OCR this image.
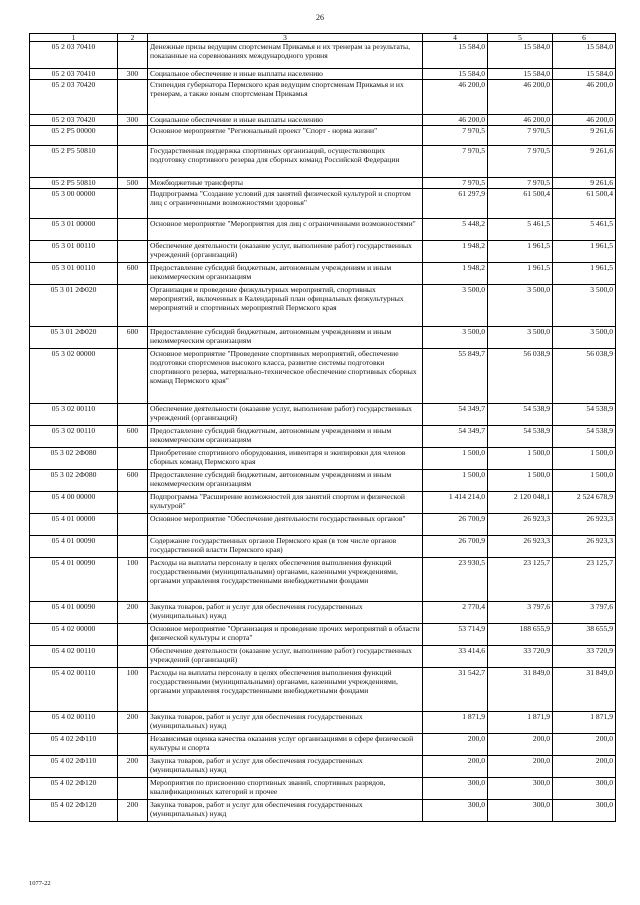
26
1	2	3	4	5	6
05 2 03 70410		Денежные призы ведущим спортсменам Прикамья и их тренерам за результаты, показанные на соревнованиях международного уровня	15 584,0	15 584,0	15 584,0
05 2 03 70410	300	Социальное обеспечение и иные выплаты населению	15 584,0	15 584,0	15 584,0
05 2 03 70420		Стипендия губернатора Пермского края ведущим спортсменам Прикамья и их тренерам, а также юным спортсменам Прикамья	46 200,0	46 200,0	46 200,0
05 2 03 70420	300	Социальное обеспечение и иные выплаты населению	46 200,0	46 200,0	46 200,0
05 2 P5 00000		Основное мероприятие "Региональный проект "Спорт - норма жизни"	7 970,5	7 970,5	9 261,6
05 2 P5 50810		Государственная поддержка спортивных организаций, осуществляющих подготовку спортивного резерва для сборных команд Российской Федерации	7 970,5	7 970,5	9 261,6
05 2 P5 50810	500	Межбюджетные трансферты	7 970,5	7 970,5	9 261,6
05 3 00 00000		Подпрограмма "Создание условий для занятий физической культурой и спортом лиц с ограниченными возможностями здоровья"	61 297,9	61 500,4	61 500,4
05 3 01 00000		Основное мероприятие "Мероприятия для лиц с ограниченными возможностями"	5 448,2	5 461,5	5 461,5
05 3 01 00110		Обеспечение деятельности (оказание услуг, выполнение работ) государственных учреждений (организаций)	1 948,2	1 961,5	1 961,5
05 3 01 00110	600	Предоставление субсидий бюджетным, автономным учреждениям и иным некоммерческим организациям	1 948,2	1 961,5	1 961,5
05 3 01 2Ф020		Организация и проведение физкультурных мероприятий, спортивных мероприятий, включенных в Календарный план официальных физкультурных мероприятий и спортивных мероприятий Пермского края	3 500,0	3 500,0	3 500,0
05 3 01 2Ф020	600	Предоставление субсидий бюджетным, автономным учреждениям и иным некоммерческим организациям	3 500,0	3 500,0	3 500,0
05 3 02 00000		Основное мероприятие "Проведение спортивных мероприятий, обеспечение подготовки спортсменов высокого класса, развитие системы подготовки спортивного резерва, материально-техническое обеспечение спортивных сборных команд Пермского края"	55 849,7	56 038,9	56 038,9
05 3 02 00110		Обеспечение деятельности (оказание услуг, выполнение работ) государственных учреждений (организаций)	54 349,7	54 538,9	54 538,9
05 3 02 00110	600	Предоставление субсидий бюджетным, автономным учреждениям и иным некоммерческим организациям	54 349,7	54 538,9	54 538,9
05 3 02 2Ф080		Приобретение спортивного оборудования, инвентаря и экипировки для членов сборных команд Пермского края	1 500,0	1 500,0	1 500,0
05 3 02 2Ф080	600	Предоставление субсидий бюджетным, автономным учреждениям и иным некоммерческим организациям	1 500,0	1 500,0	1 500,0
05 4 00 00000		Подпрограмма "Расширение возможностей для занятий спортом и физической культурой"	1 414 214,0	2 120 048,1	2 524 678,9
05 4 01 00000		Основное мероприятие "Обеспечение деятельности государственных органов"	26 700,9	26 923,3	26 923,3
05 4 01 00090		Содержание государственных органов Пермского края (в том числе органов государственной власти Пермского края)	26 700,9	26 923,3	26 923,3
05 4 01 00090	100	Расходы на выплаты персоналу в целях обеспечения выполнения функций государственными (муниципальными) органами, казенными учреждениями, органами управления государственными внебюджетными фондами	23 930,5	23 125,7	23 125,7
05 4 01 00090	200	Закупка товаров, работ и услуг для обеспечения государственных (муниципальных) нужд	2 770,4	3 797,6	3 797,6
05 4 02 00000		Основное мероприятие "Организация и проведение прочих мероприятий в области физической культуры и спорта"	53 714,9	188 655,9	38 655,9
05 4 02 00110		Обеспечение деятельности (оказание услуг, выполнение работ) государственных учреждений (организаций)	33 414,6	33 720,9	33 720,9
05 4 02 00110	100	Расходы на выплаты персоналу в целях обеспечения выполнения функций государственными (муниципальными) органами, казенными учреждениями, органами управления государственными внебюджетными фондами	31 542,7	31 849,0	31 849,0
05 4 02 00110	200	Закупка товаров, работ и услуг для обеспечения государственных (муниципальных) нужд	1 871,9	1 871,9	1 871,9
05 4 02 2Ф110		Независимая оценка качества оказания услуг организациями в сфере физической культуры и спорта	200,0	200,0	200,0
05 4 02 2Ф110	200	Закупка товаров, работ и услуг для обеспечения государственных (муниципальных) нужд	200,0	200,0	200,0
05 4 02 2Ф120		Мероприятия по присвоению спортивных званий, спортивных разрядов, квалификационных категорий и прочее	300,0	300,0	300,0
05 4 02 2Ф120	200	Закупка товаров, работ и услуг для обеспечения государственных (муниципальных) нужд	300,0	300,0	300,0
1077-22
